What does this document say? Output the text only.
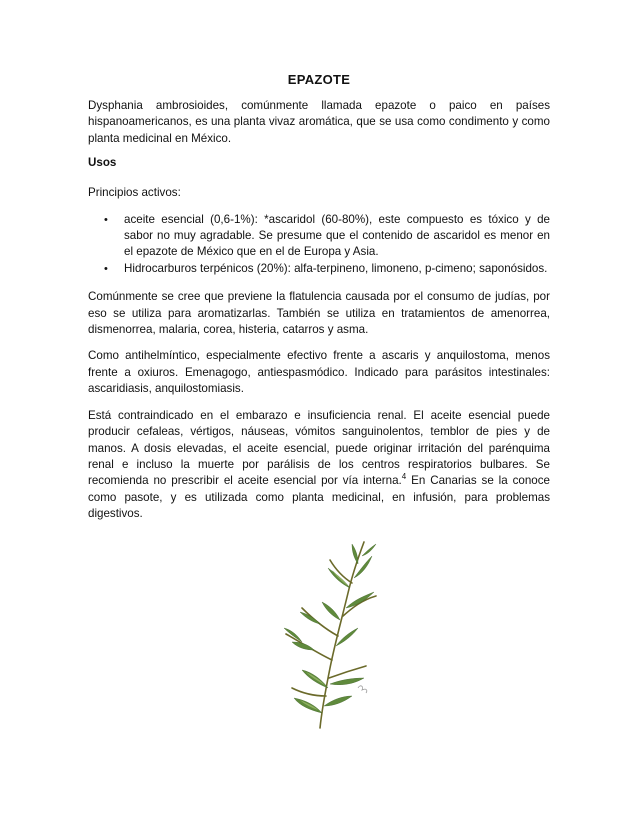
EPAZOTE

Dysphania ambrosioides, comúnmente llamada epazote o paico en países hispanoamericanos, es una planta vivaz aromática, que se usa como condimento y como planta medicinal en México.

Usos

Principios activos:

• aceite esencial (0,6-1%): *ascaridol (60-80%), este compuesto es tóxico y de sabor no muy agradable. Se presume que el contenido de ascaridol es menor en el epazote de México que en el de Europa y Asia.
• Hidrocarburos terpénicos (20%): alfa-terpineno, limoneno, p-cimeno; saponósidos.

Comúnmente se cree que previene la flatulencia causada por el consumo de judías, por eso se utiliza para aromatizarlas. También se utiliza en tratamientos de amenorrea, dismenorrea, malaria, corea, histeria, catarros y asma.

Como antihelmíntico, especialmente efectivo frente a ascaris y anquilostoma, menos frente a oxiuros. Emenagogo, antiespasmódico. Indicado para parásitos intestinales: ascaridiasis, anquilostomiasis.

Está contraindicado en el embarazo e insuficiencia renal. El aceite esencial puede producir cefaleas, vértigos, náuseas, vómitos sanguinolentos, temblor de pies y de manos. A dosis elevadas, el aceite esencial, puede originar irritación del parénquima renal e incluso la muerte por parálisis de los centros respiratorios bulbares. Se recomienda no prescribir el aceite esencial por vía interna.$^4$ En Canarias se la conoce como pasote, y es utilizada como planta medicinal, en infusión, para problemas digestivos.
